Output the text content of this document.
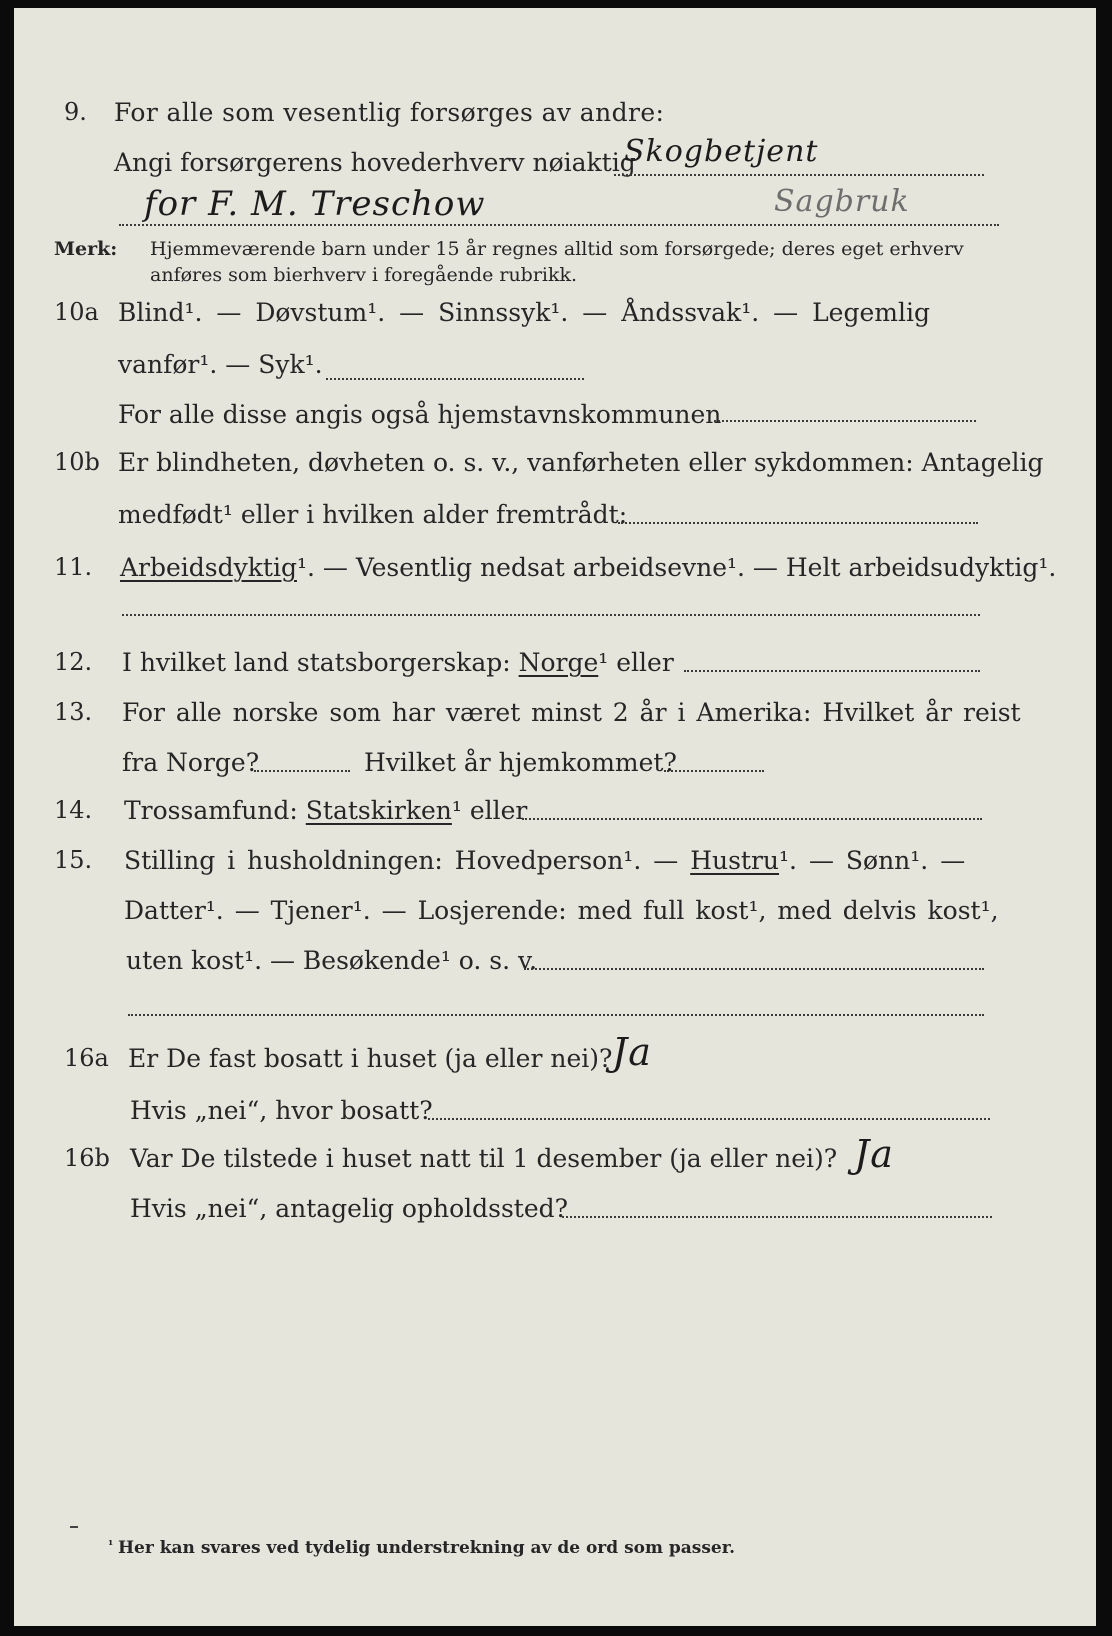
9. For alle som vesentlig forsørges av andre:
Angi forsørgerens hovederhverv nøiaktig
Skogbetjent
for F. M. Treschow	Sagbruk
Merk: Hjemmeværende barn under 15 år regnes alltid som forsørgede; deres eget erhverv
anføres som bierhverv i foregående rubrikk.
10a Blind¹. — Døvstum¹. — Sinnssyk¹. — Åndssvak¹. — Legemlig
vanfør¹. — Syk¹.
For alle disse angis også hjemstavnskommunen
10b Er blindheten, døvheten o. s. v., vanførheten eller sykdommen: Antagelig
medfødt¹ eller i hvilken alder fremtrådt:
11. Arbeidsdyktig¹. — Vesentlig nedsat arbeidsevne¹. — Helt arbeidsudyktig¹.
12. I hvilket land statsborgerskap: Norge¹ eller
13. For alle norske som har været minst 2 år i Amerika: Hvilket år reist
fra Norge?	Hvilket år hjemkommet?
14. Trossamfund: Statskirken¹ eller
15. Stilling i husholdningen: Hovedperson¹. — Hustru¹. — Sønn¹. —
Datter¹. — Tjener¹. — Losjerende: med full kost¹, med delvis kost¹,
uten kost¹. — Besøkende¹ o. s. v.
16a Er De fast bosatt i huset (ja eller nei)? Ja
Hvis „nei“, hvor bosatt?
16b Var De tilstede i huset natt til 1 desember (ja eller nei)? Ja
Hvis „nei“, antagelig opholdssted?
¹ Her kan svares ved tydelig understrekning av de ord som passer.
